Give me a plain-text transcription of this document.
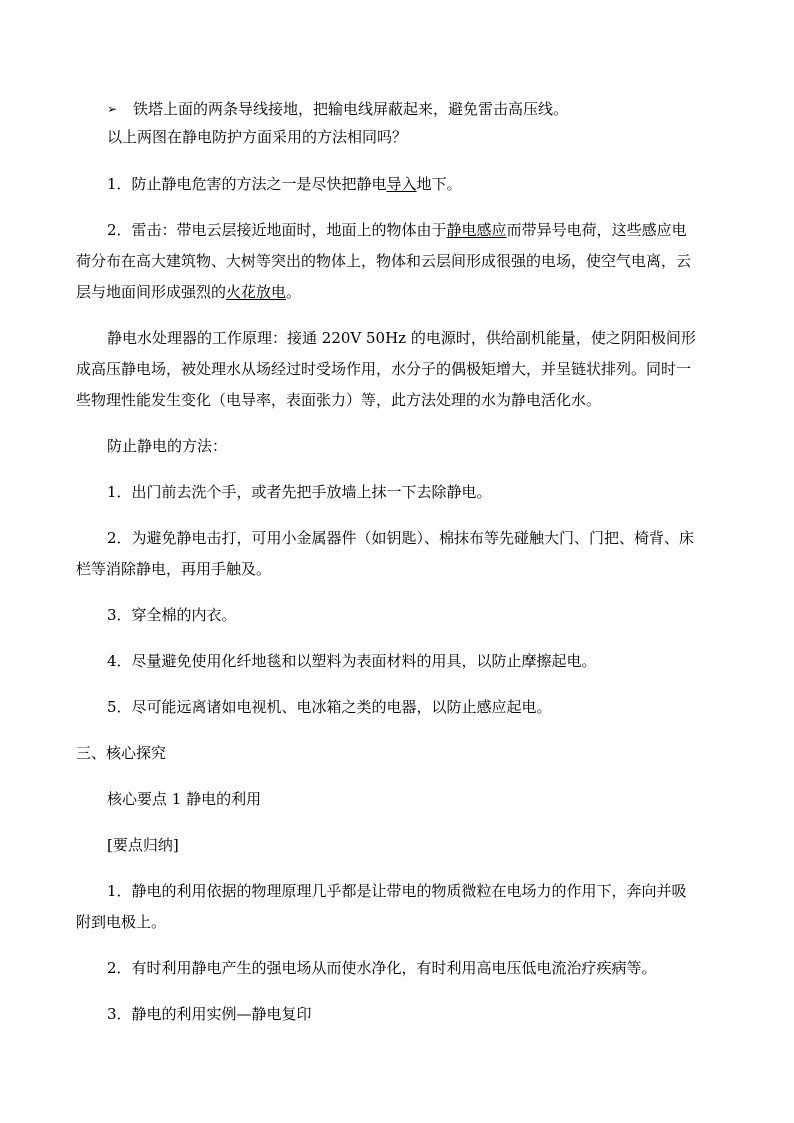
➢ 铁塔上面的两条导线接地，把输电线屏蔽起来，避免雷击高压线。
以上两图在静电防护方面采用的方法相同吗？
1．防止静电危害的方法之一是尽快把静电导入地下。
2．雷击：带电云层接近地面时，地面上的物体由于静电感应而带异号电荷，这些感应电
荷分布在高大建筑物、大树等突出的物体上，物体和云层间形成很强的电场，使空气电离，云
层与地面间形成强烈的火花放电。
静电水处理器的工作原理：接通 220V 50Hz 的电源时，供给副机能量，使之阴阳极间形
成高压静电场，被处理水从场经过时受场作用，水分子的偶极矩增大，并呈链状排列。同时一
些物理性能发生变化（电导率，表面张力）等，此方法处理的水为静电活化水。
防止静电的方法：
1．出门前去洗个手，或者先把手放墙上抹一下去除静电。
2．为避免静电击打，可用小金属器件（如钥匙）、棉抹布等先碰触大门、门把、椅背、床
栏等消除静电，再用手触及。
3．穿全棉的内衣。
4．尽量避免使用化纤地毯和以塑料为表面材料的用具，以防止摩擦起电。
5．尽可能远离诸如电视机、电冰箱之类的电器，以防止感应起电。
三、核心探究
核心要点 1 静电的利用
[要点归纳]
1．静电的利用依据的物理原理几乎都是让带电的物质微粒在电场力的作用下，奔向并吸
附到电极上。
2．有时利用静电产生的强电场从而使水净化，有时利用高电压低电流治疗疾病等。
3．静电的利用实例—静电复印
